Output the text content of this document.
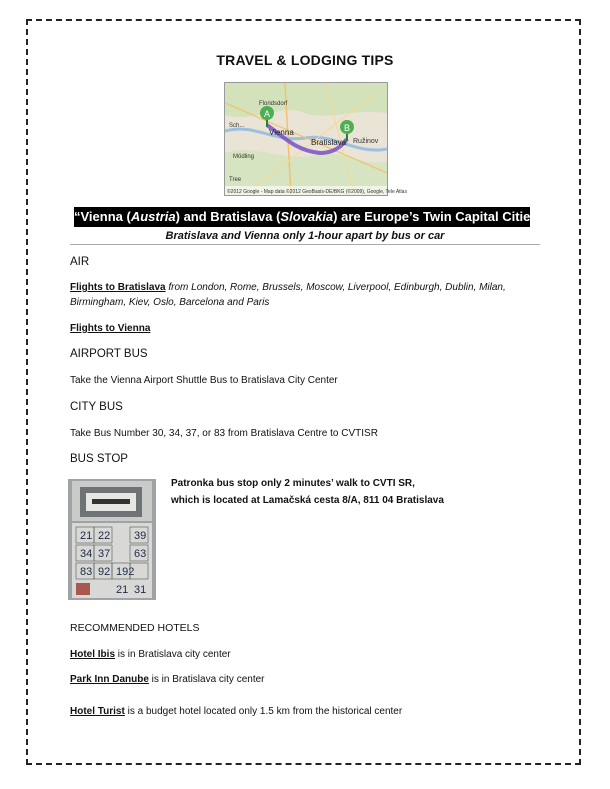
TRAVEL & LODGING TIPS
A
B
Vienna
Bratislava Ružinov
Mödling
Floridsdorf
Sch...
Tree
©2012 Google - Map data ©2012 GeoBasis-DE/BKG (©2009), Google, Tele Atlas
“Vienna (Austria) and Bratislava (Slovakia) are Europe’s Twin Capital Cities”
Bratislava and Vienna only 1-hour apart by bus or car
AIR
Flights to Bratislava from London, Rome, Brussels, Moscow, Liverpool, Edinburgh, Dublin, Milan,
Birmingham, Kiev, Oslo, Barcelona and Paris
Flights to Vienna
AIRPORT BUS
Take the Vienna Airport Shuttle Bus to Bratislava City Center
CITY BUS
Take Bus Number 30, 34, 37, or 83 from Bratislava Centre to CVTISR
BUS STOP
21 22 39
34 37 63
83 92 192
21 31
Patronka bus stop only 2 minutes’ walk to CVTI SR,
which is located at Lamačská cesta 8/A, 811 04 Bratislava
RECOMMENDED HOTELS
Hotel Ibis is in Bratislava city center
Park Inn Danube is in Bratislava city center
Hotel Turist is a budget hotel located only 1.5 km from the historical center
